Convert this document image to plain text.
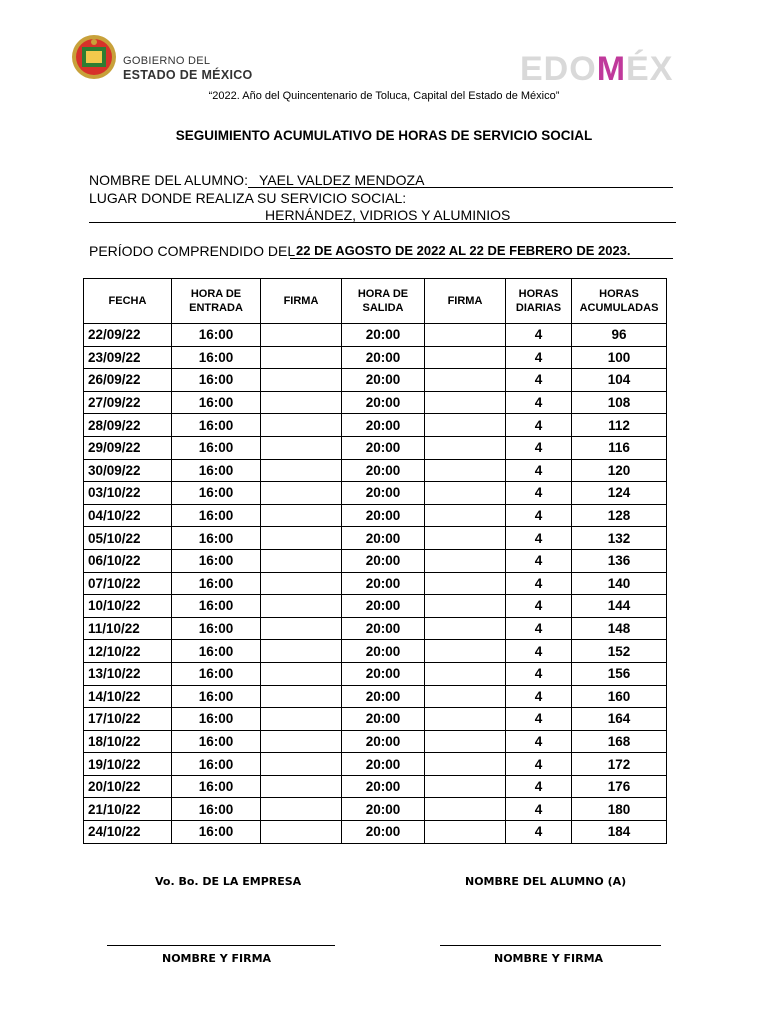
GOBIERNO DEL
ESTADO DE MÉXICO	EDOMÉX
“2022. Año del Quincentenario de Toluca, Capital del Estado de México”
SEGUIMIENTO ACUMULATIVO DE HORAS DE SERVICIO SOCIAL
NOMBRE DEL ALUMNO: YAEL VALDEZ MENDOZA
LUGAR DONDE REALIZA SU SERVICIO SOCIAL:
HERNÁNDEZ, VIDRIOS Y ALUMINIOS
PERÍODO COMPRENDIDO DEL 22 DE AGOSTO DE 2022 AL 22 DE FEBRERO DE 2023.
FECHA	HORA DE ENTRADA	FIRMA	HORA DE SALIDA	FIRMA	HORAS DIARIAS	HORAS ACUMULADAS
22/09/22	16:00		20:00		4	96
23/09/22	16:00		20:00		4	100
26/09/22	16:00		20:00		4	104
27/09/22	16:00		20:00		4	108
28/09/22	16:00		20:00		4	112
29/09/22	16:00		20:00		4	116
30/09/22	16:00		20:00		4	120
03/10/22	16:00		20:00		4	124
04/10/22	16:00		20:00		4	128
05/10/22	16:00		20:00		4	132
06/10/22	16:00		20:00		4	136
07/10/22	16:00		20:00		4	140
10/10/22	16:00		20:00		4	144
11/10/22	16:00		20:00		4	148
12/10/22	16:00		20:00		4	152
13/10/22	16:00		20:00		4	156
14/10/22	16:00		20:00		4	160
17/10/22	16:00		20:00		4	164
18/10/22	16:00		20:00		4	168
19/10/22	16:00		20:00		4	172
20/10/22	16:00		20:00		4	176
21/10/22	16:00		20:00		4	180
24/10/22	16:00		20:00		4	184
Vo. Bo. DE LA EMPRESA	NOMBRE DEL ALUMNO (A)
NOMBRE Y FIRMA	NOMBRE Y FIRMA
